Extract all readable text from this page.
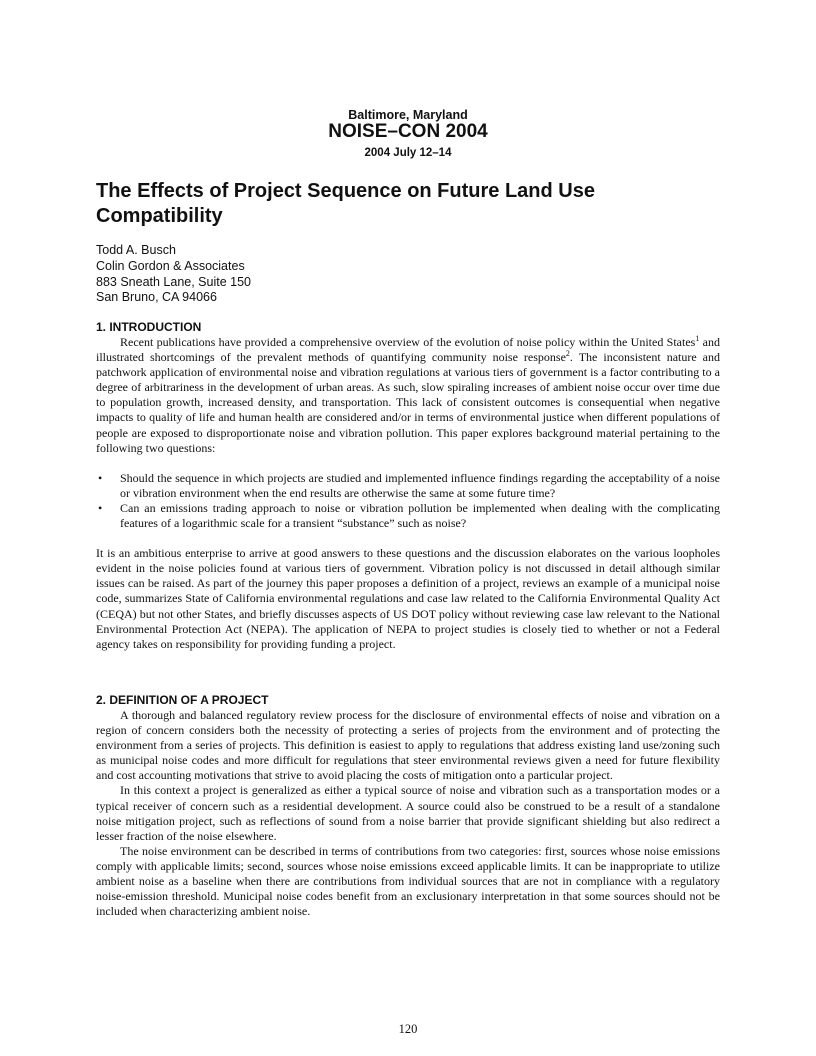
Baltimore, Maryland
NOISE–CON 2004
2004 July 12–14
The Effects of Project Sequence on Future Land Use Compatibility
Todd A. Busch
Colin Gordon & Associates
883 Sneath Lane, Suite 150
San Bruno, CA 94066
1. INTRODUCTION

Recent publications have provided a comprehensive overview of the evolution of noise policy within the United States$^1$ and illustrated shortcomings of the prevalent methods of quantifying community noise response$^2$. The inconsistent nature and patchwork application of environmental noise and vibration regulations at various tiers of government is a factor contributing to a degree of arbitrariness in the development of urban areas. As such, slow spiraling increases of ambient noise occur over time due to population growth, increased density, and transportation. This lack of consistent outcomes is consequential when negative impacts to quality of life and human health are considered and/or in terms of environmental justice when different populations of people are exposed to disproportionate noise and vibration pollution. This paper explores background material pertaining to the following two questions:

• Should the sequence in which projects are studied and implemented influence findings regarding the acceptability of a noise or vibration environment when the end results are otherwise the same at some future time?
• Can an emissions trading approach to noise or vibration pollution be implemented when dealing with the complicating features of a logarithmic scale for a transient “substance” such as noise?

It is an ambitious enterprise to arrive at good answers to these questions and the discussion elaborates on the various loopholes evident in the noise policies found at various tiers of government. Vibration policy is not discussed in detail although similar issues can be raised. As part of the journey this paper proposes a definition of a project, reviews an example of a municipal noise code, summarizes State of California environmental regulations and case law related to the California Environmental Quality Act (CEQA) but not other States, and briefly discusses aspects of US DOT policy without reviewing case law relevant to the National Environmental Protection Act (NEPA). The application of NEPA to project studies is closely tied to whether or not a Federal agency takes on responsibility for providing funding a project.

2. DEFINITION OF A PROJECT

A thorough and balanced regulatory review process for the disclosure of environmental effects of noise and vibration on a region of concern considers both the necessity of protecting a series of projects from the environment and of protecting the environment from a series of projects. This definition is easiest to apply to regulations that address existing land use/zoning such as municipal noise codes and more difficult for regulations that steer environmental reviews given a need for future flexibility and cost accounting motivations that strive to avoid placing the costs of mitigation onto a particular project.

In this context a project is generalized as either a typical source of noise and vibration such as a transportation modes or a typical receiver of concern such as a residential development. A source could also be construed to be a result of a standalone noise mitigation project, such as reflections of sound from a noise barrier that provide significant shielding but also redirect a lesser fraction of the noise elsewhere.

The noise environment can be described in terms of contributions from two categories: first, sources whose noise emissions comply with applicable limits; second, sources whose noise emissions exceed applicable limits. It can be inappropriate to utilize ambient noise as a baseline when there are contributions from individual sources that are not in compliance with a regulatory noise-emission threshold. Municipal noise codes benefit from an exclusionary interpretation in that some sources should not be included when characterizing ambient noise.

120
